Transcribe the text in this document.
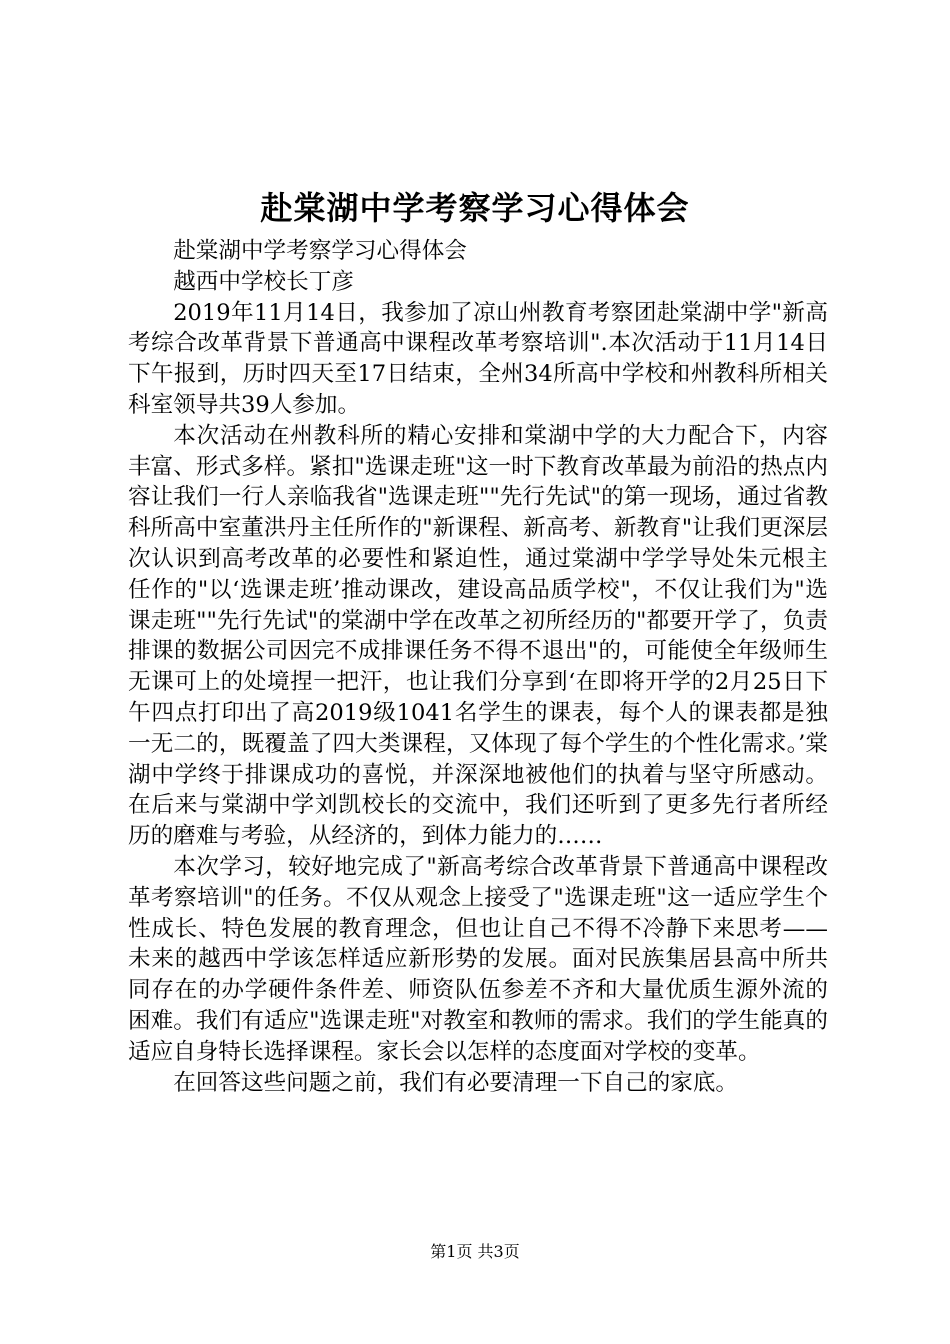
赴棠湖中学考察学习心得体会

赴棠湖中学考察学习心得体会

越西中学校长丁彦

2019年11月14日，我参加了凉山州教育考察团赴棠湖中学"新高考综合改革背景下普通高中课程改革考察培训".本次活动于11月14日下午报到，历时四天至17日结束，全州34所高中学校和州教科所相关科室领导共39人参加。

本次活动在州教科所的精心安排和棠湖中学的大力配合下，内容丰富、形式多样。紧扣"选课走班"这一时下教育改革最为前沿的热点内容让我们一行人亲临我省"选课走班""先行先试"的第一现场，通过省教科所高中室董洪丹主任所作的"新课程、新高考、新教育"让我们更深层次认识到高考改革的必要性和紧迫性，通过棠湖中学学导处朱元根主任作的"以‘选课走班’推动课改，建设高品质学校"，不仅让我们为"选课走班""先行先试"的棠湖中学在改革之初所经历的"都要开学了，负责排课的数据公司因完不成排课任务不得不退出"的，可能使全年级师生无课可上的处境捏一把汗，也让我们分享到‘在即将开学的2月25日下午四点打印出了高2019级1041名学生的课表，每个人的课表都是独一无二的，既覆盖了四大类课程，又体现了每个学生的个性化需求。’棠湖中学终于排课成功的喜悦，并深深地被他们的执着与坚守所感动。在后来与棠湖中学刘凯校长的交流中，我们还听到了更多先行者所经历的磨难与考验，从经济的，到体力能力的……

本次学习，较好地完成了"新高考综合改革背景下普通高中课程改革考察培训"的任务。不仅从观念上接受了"选课走班"这一适应学生个性成长、特色发展的教育理念，但也让自己不得不冷静下来思考——未来的越西中学该怎样适应新形势的发展。面对民族集居县高中所共同存在的办学硬件条件差、师资队伍参差不齐和大量优质生源外流的困难。我们有适应"选课走班"对教室和教师的需求。我们的学生能真的适应自身特长选择课程。家长会以怎样的态度面对学校的变革。

在回答这些问题之前，我们有必要清理一下自己的家底。

第1页 共3页
